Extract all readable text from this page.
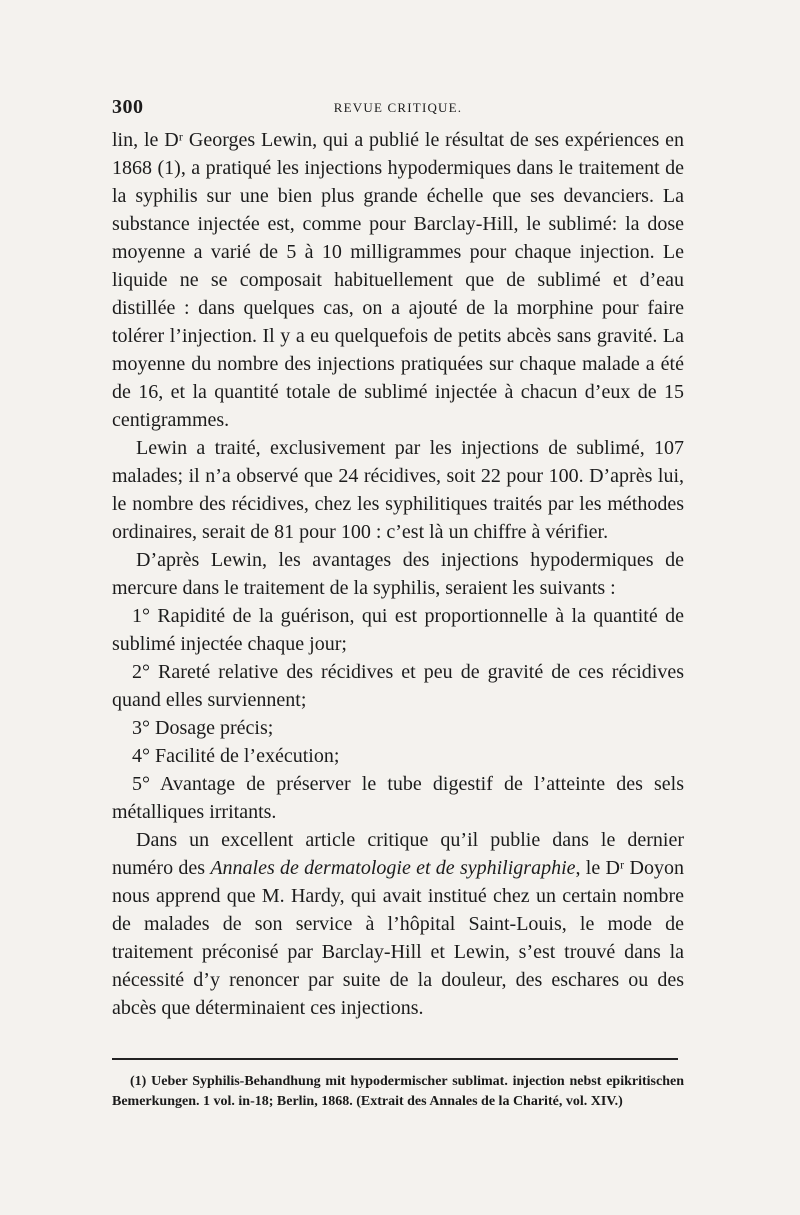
300	REVUE CRITIQUE.

lin, le Dʳ Georges Lewin, qui a publié le résultat de ses expériences en 1868 (1), a pratiqué les injections hypodermiques dans le traitement de la syphilis sur une bien plus grande échelle que ses devanciers. La substance injectée est, comme pour Barclay-Hill, le sublimé: la dose moyenne a varié de 5 à 10 milligrammes pour chaque injection. Le liquide ne se composait habituellement que de sublimé et d’eau distillée : dans quelques cas, on a ajouté de la morphine pour faire tolérer l’injection. Il y a eu quelquefois de petits abcès sans gravité. La moyenne du nombre des injections pratiquées sur chaque malade a été de 16, et la quantité totale de sublimé injectée à chacun d’eux de 15 centigrammes.

Lewin a traité, exclusivement par les injections de sublimé, 107 malades; il n’a observé que 24 récidives, soit 22 pour 100. D’après lui, le nombre des récidives, chez les syphilitiques traités par les méthodes ordinaires, serait de 81 pour 100 : c’est là un chiffre à vérifier.

D’après Lewin, les avantages des injections hypodermiques de mercure dans le traitement de la syphilis, seraient les suivants :

1° Rapidité de la guérison, qui est proportionnelle à la quantité de sublimé injectée chaque jour;

2° Rareté relative des récidives et peu de gravité de ces récidives quand elles surviennent;

3° Dosage précis;

4° Facilité de l’exécution;

5° Avantage de préserver le tube digestif de l’atteinte des sels métalliques irritants.

Dans un excellent article critique qu’il publie dans le dernier numéro des Annales de dermatologie et de syphiligraphie, le Dʳ Doyon nous apprend que M. Hardy, qui avait institué chez un certain nombre de malades de son service à l’hôpital Saint-Louis, le mode de traitement préconisé par Barclay-Hill et Lewin, s’est trouvé dans la nécessité d’y renoncer par suite de la douleur, des eschares ou des abcès que déterminaient ces injections.

(1) Ueber Syphilis-Behandhung mit hypodermischer sublimat. injection nebst epikritischen Bemerkungen. 1 vol. in-18; Berlin, 1868. (Extrait des Annales de la Charité, vol. XIV.)
